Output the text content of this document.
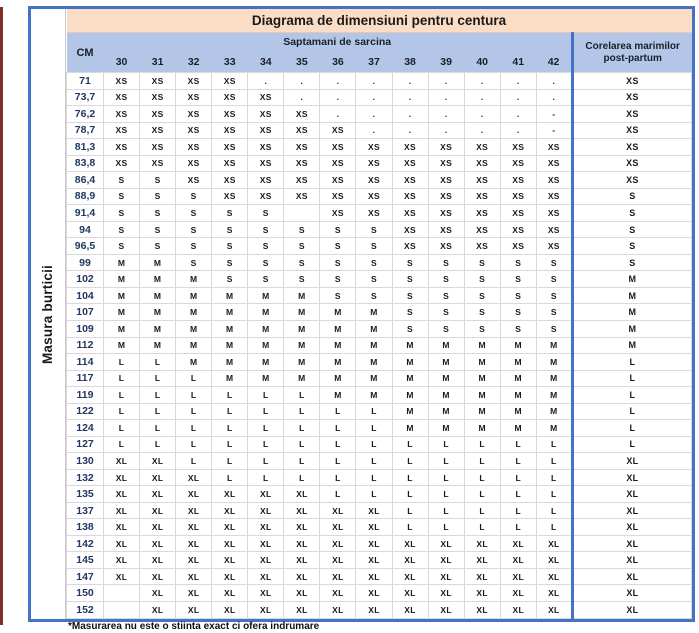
Masura burticii
Diagrama de dimensiuni pentru centura														
CM	Saptamani de sarcina													Corelarea marimilor post-partum
	30	31	32	33	34	35	36	37	38	39	40	41	42	
71	XS	XS	XS	XS	.	.	.	.	.	.	.	.	.	XS
73,7	XS	XS	XS	XS	XS	.	.	.	.	.	.	.	.	XS
76,2	XS	XS	XS	XS	XS	XS	.	.	.	.	.	.	-	XS
78,7	XS	XS	XS	XS	XS	XS	XS	.	.	.	.	.	-	XS
81,3	XS	XS	XS	XS	XS	XS	XS	XS	XS	XS	XS	XS	XS	XS
83,8	XS	XS	XS	XS	XS	XS	XS	XS	XS	XS	XS	XS	XS	XS
86,4	S	S	XS	XS	XS	XS	XS	XS	XS	XS	XS	XS	XS	XS
88,9	S	S	S	XS	XS	XS	XS	XS	XS	XS	XS	XS	XS	S
91,4	S	S	S	S	S		XS	XS	XS	XS	XS	XS	XS	S
94	S	S	S	S	S	S	S	S	XS	XS	XS	XS	XS	S
96,5	S	S	S	S	S	S	S	S	XS	XS	XS	XS	XS	S
99	M	M	S	S	S	S	S	S	S	S	S	S	S	S
102	M	M	M	S	S	S	S	S	S	S	S	S	S	M
104	M	M	M	M	M	M	S	S	S	S	S	S	S	M
107	M	M	M	M	M	M	M	M	S	S	S	S	S	M
109	M	M	M	M	M	M	M	M	S	S	S	S	S	M
112	M	M	M	M	M	M	M	M	M	M	M	M	M	M
114	L	L	M	M	M	M	M	M	M	M	M	M	M	L
117	L	L	L	M	M	M	M	M	M	M	M	M	M	L
119	L	L	L	L	L	L	M	M	M	M	M	M	M	L
122	L	L	L	L	L	L	L	L	M	M	M	M	M	L
124	L	L	L	L	L	L	L	L	M	M	M	M	M	L
127	L	L	L	L	L	L	L	L	L	L	L	L	L	L
130	XL	XL	L	L	L	L	L	L	L	L	L	L	L	XL
132	XL	XL	XL	L	L	L	L	L	L	L	L	L	L	XL
135	XL	XL	XL	XL	XL	XL	L	L	L	L	L	L	L	XL
137	XL	XL	XL	XL	XL	XL	XL	XL	L	L	L	L	L	XL
138	XL	XL	XL	XL	XL	XL	XL	XL	L	L	L	L	L	XL
142	XL	XL	XL	XL	XL	XL	XL	XL	XL	XL	XL	XL	XL	XL
145	XL	XL	XL	XL	XL	XL	XL	XL	XL	XL	XL	XL	XL	XL
147	XL	XL	XL	XL	XL	XL	XL	XL	XL	XL	XL	XL	XL	XL
150		XL	XL	XL	XL	XL	XL	XL	XL	XL	XL	XL	XL	XL
152		XL	XL	XL	XL	XL	XL	XL	XL	XL	XL	XL	XL	XL
*Masurarea nu este o stiinta exact ci ofera indrumare
